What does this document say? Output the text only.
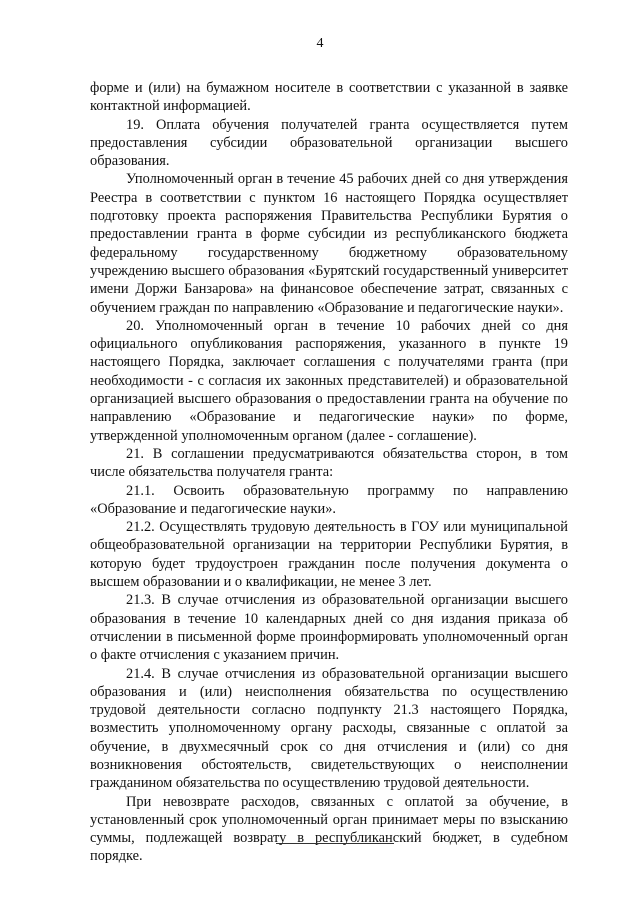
4

форме и (или) на бумажном носителе в соответствии с указанной в заявке контактной информацией.

19. Оплата обучения получателей гранта осуществляется путем предоставления субсидии образовательной организации высшего образования.

Уполномоченный орган в течение 45 рабочих дней со дня утверждения Реестра в соответствии с пунктом 16 настоящего Порядка осуществляет подготовку проекта распоряжения Правительства Республики Бурятия о предоставлении гранта в форме субсидии из республиканского бюджета федеральному государственному бюджетному образовательному учреждению высшего образования «Бурятский государственный университет имени Доржи Банзарова» на финансовое обеспечение затрат, связанных с обучением граждан по направлению «Образование и педагогические науки».

20. Уполномоченный орган в течение 10 рабочих дней со дня официального опубликования распоряжения, указанного в пункте 19 настоящего Порядка, заключает соглашения с получателями гранта (при необходимости - с согласия их законных представителей) и образовательной организацией высшего образования о предоставлении гранта на обучение по направлению «Образование и педагогические науки» по форме, утвержденной уполномоченным органом (далее - соглашение).

21. В соглашении предусматриваются обязательства сторон, в том числе обязательства получателя гранта:

21.1. Освоить образовательную программу по направлению «Образование и педагогические науки».

21.2. Осуществлять трудовую деятельность в ГОУ или муниципальной общеобразовательной организации на территории Республики Бурятия, в которую будет трудоустроен гражданин после получения документа о высшем образовании и о квалификации, не менее 3 лет.

21.3. В случае отчисления из образовательной организации высшего образования в течение 10 календарных дней со дня издания приказа об отчислении в письменной форме проинформировать уполномоченный орган о факте отчисления с указанием причин.

21.4. В случае отчисления из образовательной организации высшего образования и (или) неисполнения обязательства по осуществлению трудовой деятельности согласно подпункту 21.3 настоящего Порядка, возместить уполномоченному органу расходы, связанные с оплатой за обучение, в двухмесячный срок со дня отчисления и (или) со дня возникновения обстоятельств, свидетельствующих о неисполнении гражданином обязательства по осуществлению трудовой деятельности.

При невозврате расходов, связанных с оплатой за обучение, в установленный срок уполномоченный орган принимает меры по взысканию суммы, подлежащей возврату в республиканский бюджет, в судебном порядке.
